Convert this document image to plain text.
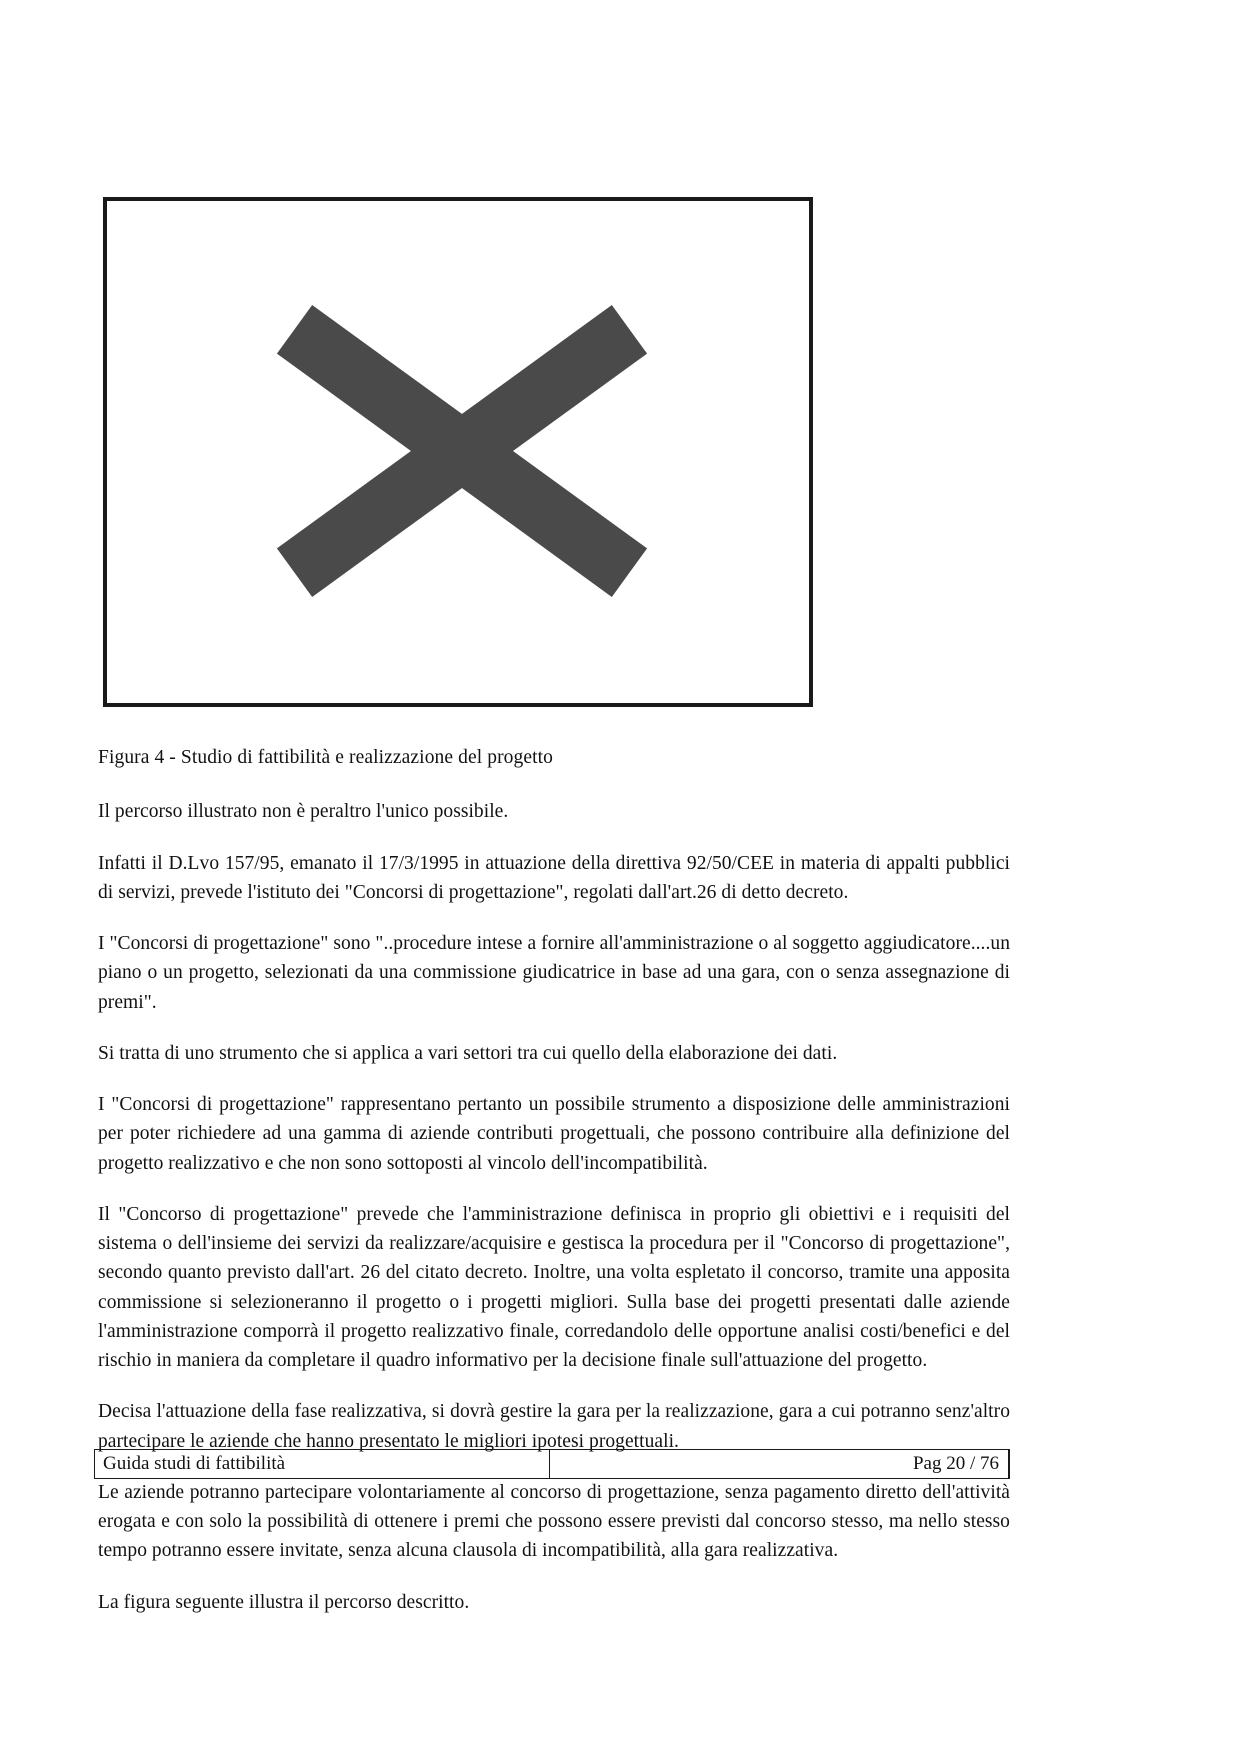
Figura 4 - Studio di fattibilità e realizzazione del progetto

Il percorso illustrato non è peraltro l'unico possibile.

Infatti il D.Lvo 157/95, emanato il 17/3/1995 in attuazione della direttiva 92/50/CEE in materia di appalti pubblici di servizi, prevede l'istituto dei "Concorsi di progettazione", regolati dall'art.26 di detto decreto.

I "Concorsi di progettazione" sono "..procedure intese a fornire all'amministrazione o al soggetto aggiudicatore....un piano o un progetto, selezionati da una commissione giudicatrice in base ad una gara, con o senza assegnazione di premi".

Si tratta di uno strumento che si applica a vari settori tra cui quello della elaborazione dei dati.

I "Concorsi di progettazione" rappresentano pertanto un possibile strumento a disposizione delle amministrazioni per poter richiedere ad una gamma di aziende contributi progettuali, che possono contribuire alla definizione del progetto realizzativo e che non sono sottoposti al vincolo dell'incompatibilità.

Il "Concorso di progettazione" prevede che l'amministrazione definisca in proprio gli obiettivi e i requisiti del sistema o dell'insieme dei servizi da realizzare/acquisire e gestisca la procedura per il "Concorso di progettazione", secondo quanto previsto dall'art. 26 del citato decreto. Inoltre, una volta espletato il concorso, tramite una apposita commissione si selezioneranno il progetto o i progetti migliori. Sulla base dei progetti presentati dalle aziende l'amministrazione comporrà il progetto realizzativo finale, corredandolo delle opportune analisi costi/benefici e del rischio in maniera da completare il quadro informativo per la decisione finale sull'attuazione del progetto.

Decisa l'attuazione della fase realizzativa, si dovrà gestire la gara per la realizzazione, gara a cui potranno senz'altro partecipare le aziende che hanno presentato le migliori ipotesi progettuali.

Le aziende potranno partecipare volontariamente al concorso di progettazione, senza pagamento diretto dell'attività erogata e con solo la possibilità di ottenere i premi che possono essere previsti dal concorso stesso, ma nello stesso tempo potranno essere invitate, senza alcuna clausola di incompatibilità, alla gara realizzativa.

La figura seguente illustra il percorso descritto.

Guida studi di fattibilità	Pag 20 / 76
